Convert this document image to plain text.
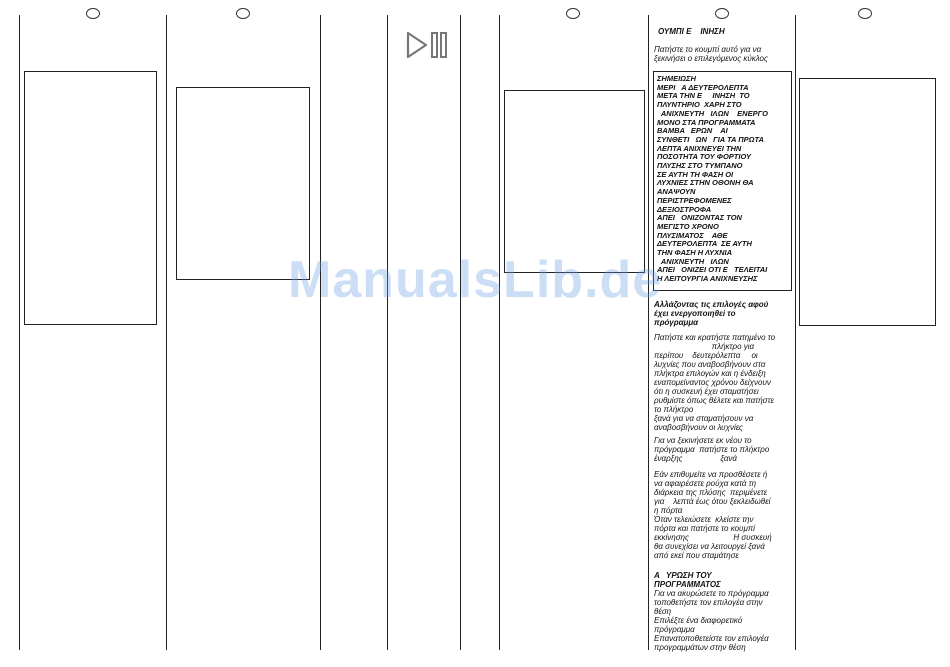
ΟΥΜΠΙ Ε    ΙΝΗΣΗ
Πατήστε το κουμπί αυτό για να
ξεκινήσει ο επιλεγόμενος κύκλος
ΣΗΜΕΙΩΣΗ
ΜΕΡΙ   Α ΔΕΥΤΕΡΟΛΕΠΤΑ
ΜΕΤΑ ΤΗΝ Ε     ΙΝΗΣΗ  ΤΟ
ΠΛΥΝΤΗΡΙΟ  ΧΑΡΗ ΣΤΟ
ΑΝΙΧΝΕΥΤΗ   ΙΛΩΝ    ΕΝΕΡΓΟ
ΜΟΝΟ ΣΤΑ ΠΡΟΓΡΑΜΜΑΤΑ
ΒΑΜΒΑ   ΕΡΩΝ    ΑΙ
ΣΥΝΘΕΤΙ   ΩΝ   ΓΙΑ ΤΑ ΠΡΩΤΑ
ΛΕΠΤΑ ΑΝΙΧΝΕΥΕΙ ΤΗΝ
ΠΟΣΟΤΗΤΑ ΤΟΥ ΦΟΡΤΙΟΥ
ΠΛΥΣΗΣ ΣΤΟ ΤΥΜΠΑΝΟ
ΣΕ ΑΥΤΗ ΤΗ ΦΑΣΗ ΟΙ
ΛΥΧΝΙΕΣ ΣΤΗΝ ΟΘΟΝΗ ΘΑ
ΑΝΑΨΟΥΝ
ΠΕΡΙΣΤΡΕΦΟΜΕΝΕΣ
ΔΕΞΙΟΣΤΡΟΦΑ
ΑΠΕΙ   ΟΝΙΖΟΝΤΑΣ ΤΟΝ
ΜΕΓΙΣΤΟ ΧΡΟΝΟ
ΠΛΥΣΙΜΑΤΟΣ    ΑΘΕ
ΔΕΥΤΕΡΟΛΕΠΤΑ  ΣΕ ΑΥΤΗ
ΤΗΝ ΦΑΣΗ Η ΛΥΧΝΙΑ
ΑΝΙΧΝΕΥΤΗ   ΙΛΩΝ
ΑΠΕΙ   ΟΝΙΖΕΙ ΟΤΙ Ε   ΤΕΛΕΙΤΑΙ
Η ΛΕΙΤΟΥΡΓΙΑ ΑΝΙΧΝΕΥΣΗΣ
Αλλάζοντας τις επιλογές αφού
έχει ενεργοποιηθεί το
πρόγραμμα
Πατήστε και κρατήστε πατημένο το
πλήκτρο για
περίπου    δευτερόλεπτα     οι
λυχνίες που αναβοσβήνουν στα
πλήκτρα επιλογών και η ένδειξη
εναπομείναντος χρόνου δείχνουν
ότι η συσκευή έχει σταματήσει
ρυθμίστε όπως θέλετε και πατήστε
το πλήκτρο
ξανά για να σταματήσουν να
αναβοσβήνουν οι λυχνίες
Για να ξεκινήσετε εκ νέου το
πρόγραμμα  πατήστε το πλήκτρο
έναρξης                 ξανά
Εάν επιθυμείτε να προσθέσετε ή
να αφαιρέσετε ρούχα κατά τη
διάρκεια της πλύσης  περιμένετε
για    λεπτά έως ότου ξεκλειδωθεί
η πόρτα
Όταν τελειώσετε  κλείστε την
πόρτα και πατήστε το κουμπί
εκκίνησης                    Η συσκευή
θα συνεχίσει να λειτουργεί ξανά
από εκεί που σταμάτησε
Α   ΥΡΩΣΗ ΤΟΥ
ΠΡΟΓΡΑΜΜΑΤΟΣ
Για να ακυρώσετε το πρόγραμμα
τοποθετήστε τον επιλογέα στην
θέση
Επιλέξτε ένα διαφορετικό
πρόγραμμα
Επανατοποθετείστε τον επιλογέα
προγραμμάτων στην θέση
ManualsLib.de
